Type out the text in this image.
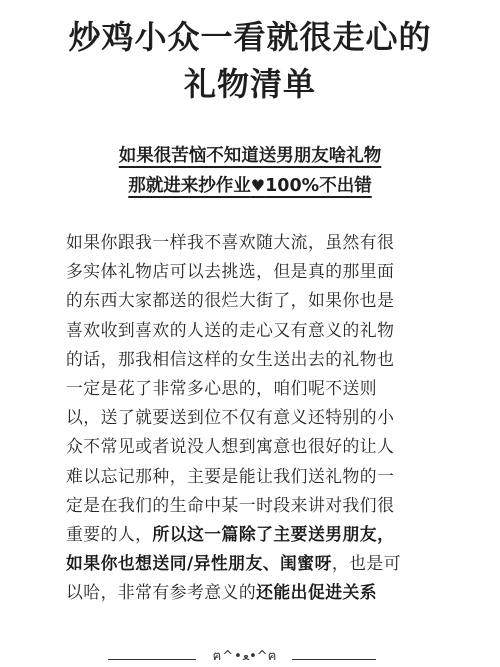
炒鸡小众一看就很走心的
礼物清单
如果很苦恼不知道送男朋友啥礼物
那就进来抄作业♥100%不出错
如果你跟我一样我不喜欢随大流，虽然有很
多实体礼物店可以去挑选，但是真的那里面
的东西大家都送的很烂大街了，如果你也是
喜欢收到喜欢的人送的走心又有意义的礼物
的话，那我相信这样的女生送出去的礼物也
一定是花了非常多心思的，咱们呢不送则
以，送了就要送到位不仅有意义还特别的小
众不常见或者说没人想到寓意也很好的让人
难以忘记那种，主要是能让我们送礼物的一
定是在我们的生命中某一时段来讲对我们很
重要的人，所以这一篇除了主要送男朋友，
如果你也想送同/异性朋友、闺蜜呀，也是可
以哈，非常有参考意义的还能出促进关系
ฅ^•ﻌ•^ฅ
